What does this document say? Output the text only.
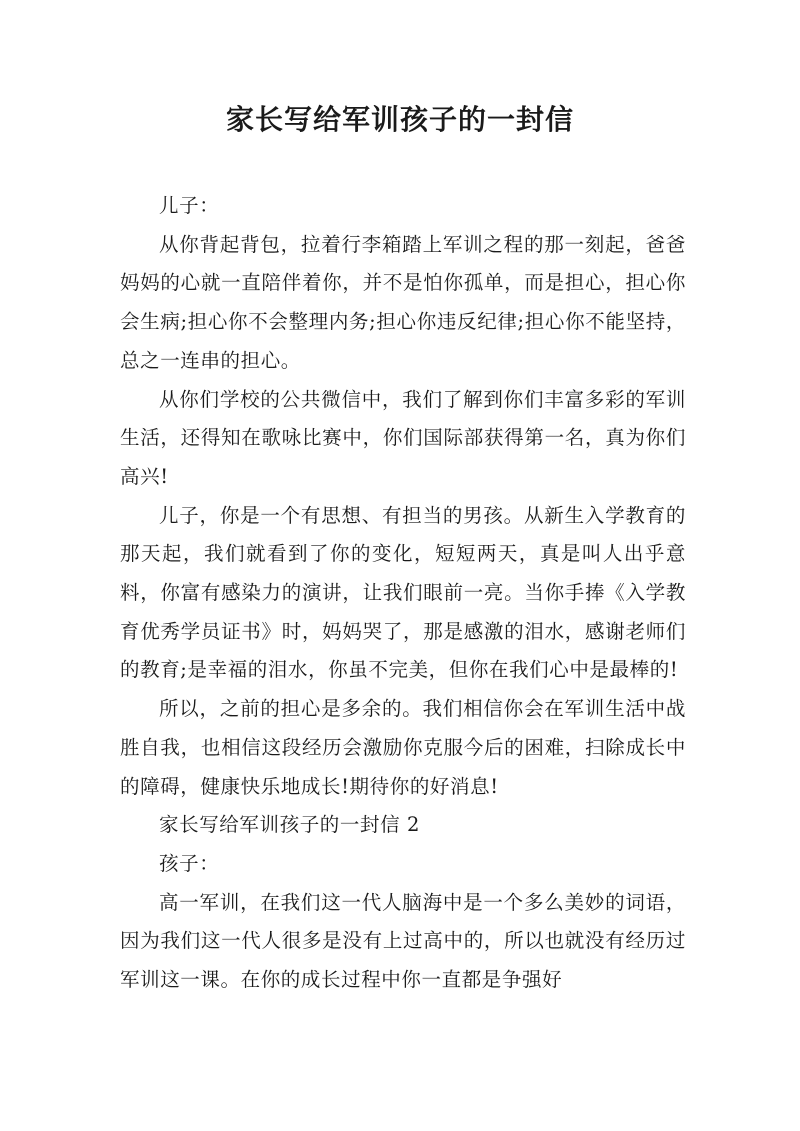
家长写给军训孩子的一封信

儿子：

从你背起背包，拉着行李箱踏上军训之程的那一刻起，爸爸妈妈的心就一直陪伴着你，并不是怕你孤单，而是担心，担心你会生病;担心你不会整理内务;担心你违反纪律;担心你不能坚持，总之一连串的担心。

从你们学校的公共微信中，我们了解到你们丰富多彩的军训生活，还得知在歌咏比赛中，你们国际部获得第一名，真为你们高兴!

儿子，你是一个有思想、有担当的男孩。从新生入学教育的那天起，我们就看到了你的变化，短短两天，真是叫人出乎意料，你富有感染力的演讲，让我们眼前一亮。当你手捧《入学教育优秀学员证书》时，妈妈哭了，那是感激的泪水，感谢老师们的教育;是幸福的泪水，你虽不完美，但你在我们心中是最棒的!

所以，之前的担心是多余的。我们相信你会在军训生活中战胜自我，也相信这段经历会激励你克服今后的困难，扫除成长中的障碍，健康快乐地成长!期待你的好消息!

家长写给军训孩子的一封信 2

孩子：

高一军训，在我们这一代人脑海中是一个多么美妙的词语，因为我们这一代人很多是没有上过高中的，所以也就没有经历过军训这一课。在你的成长过程中你一直都是争强好
